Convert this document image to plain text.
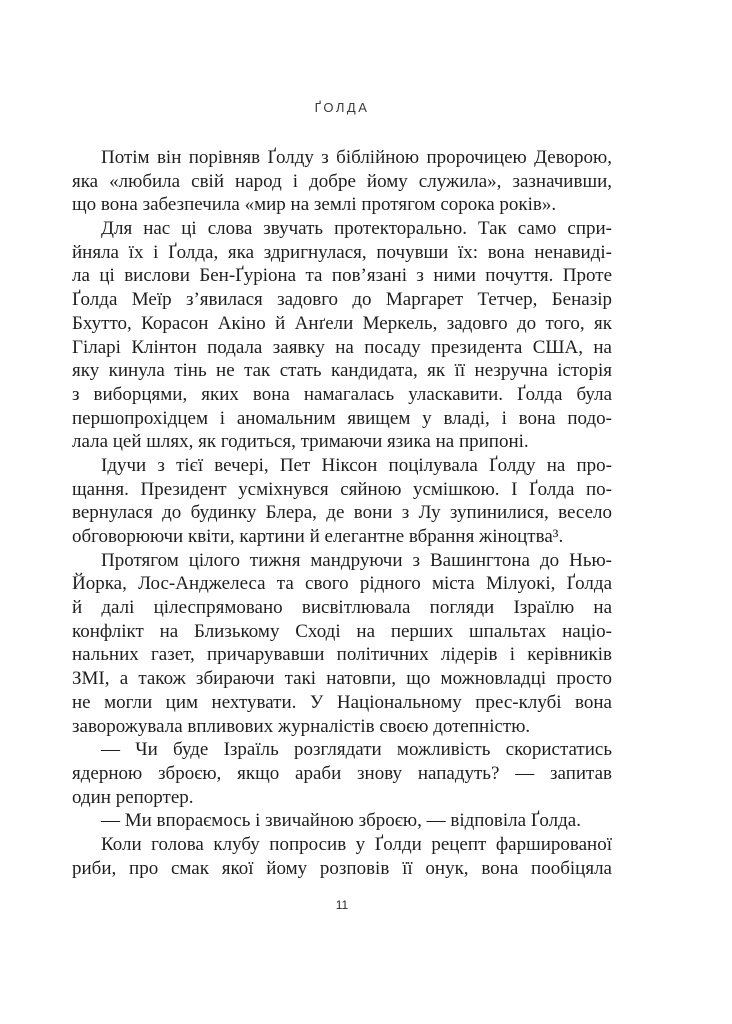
ҐОЛДА
Потім він порівняв Ґолду з біблійною пророчицею Деворою,
яка «любила свій народ і добре йому служила», зазначивши,
що вона забезпечила «мир на землі протягом сорока років».
Для нас ці слова звучать протекторально. Так само спри-
йняла їх і Ґолда, яка здригнулася, почувши їх: вона ненавиді-
ла ці вислови Бен-Ґуріона та пов’язані з ними почуття. Проте
Ґолда Меїр з’явилася задовго до Маргарет Тетчер, Беназір
Бхутто, Корасон Акіно й Анґели Меркель, задовго до того, як
Гіларі Клінтон подала заявку на посаду президента США, на
яку кинула тінь не так стать кандидата, як її незручна історія
з виборцями, яких вона намагалась уласкавити. Ґолда була
першопрохідцем і аномальним явищем у владі, і вона подо-
лала цей шлях, як годиться, тримаючи язика на припоні.
Ідучи з тієї вечері, Пет Ніксон поцілувала Ґолду на про-
щання. Президент усміхнувся сяйною усмішкою. І Ґолда по-
вернулася до будинку Блера, де вони з Лу зупинилися, весело
обговорюючи квіти, картини й елегантне вбрання жіноцтва³.
Протягом цілого тижня мандруючи з Вашингтона до Нью-
Йорка, Лос-Анджелеса та свого рідного міста Мілуокі, Ґолда
й далі цілеспрямовано висвітлювала погляди Ізраїлю на
конфлікт на Близькому Сході на перших шпальтах націо-
нальних газет, причарувавши політичних лідерів і керівників
ЗМІ, а також збираючи такі натовпи, що можновладці просто
не могли цим нехтувати. У Національному прес-клубі вона
заворожувала впливових журналістів своєю дотепністю.
— Чи буде Ізраїль розглядати можливість скористатись
ядерною зброєю, якщо араби знову нападуть? — запитав
один репортер.
— Ми впораємось і звичайною зброєю, — відповіла Ґолда.
Коли голова клубу попросив у Ґолди рецепт фаршированої
риби, про смак якої йому розповів її онук, вона пообіцяла
11
